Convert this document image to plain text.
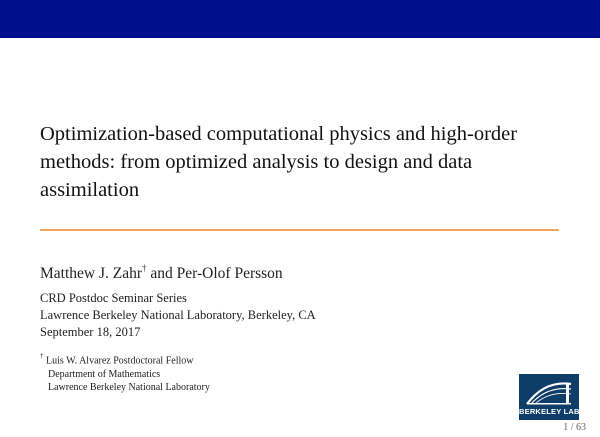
Optimization-based computational physics and high-order methods: from optimized analysis to design and data assimilation
Matthew J. Zahr† and Per-Olof Persson
CRD Postdoc Seminar Series
Lawrence Berkeley National Laboratory, Berkeley, CA
September 18, 2017
† Luis W. Alvarez Postdoctoral Fellow
Department of Mathematics
Lawrence Berkeley National Laboratory
BERKELEY LAB
1 / 63
